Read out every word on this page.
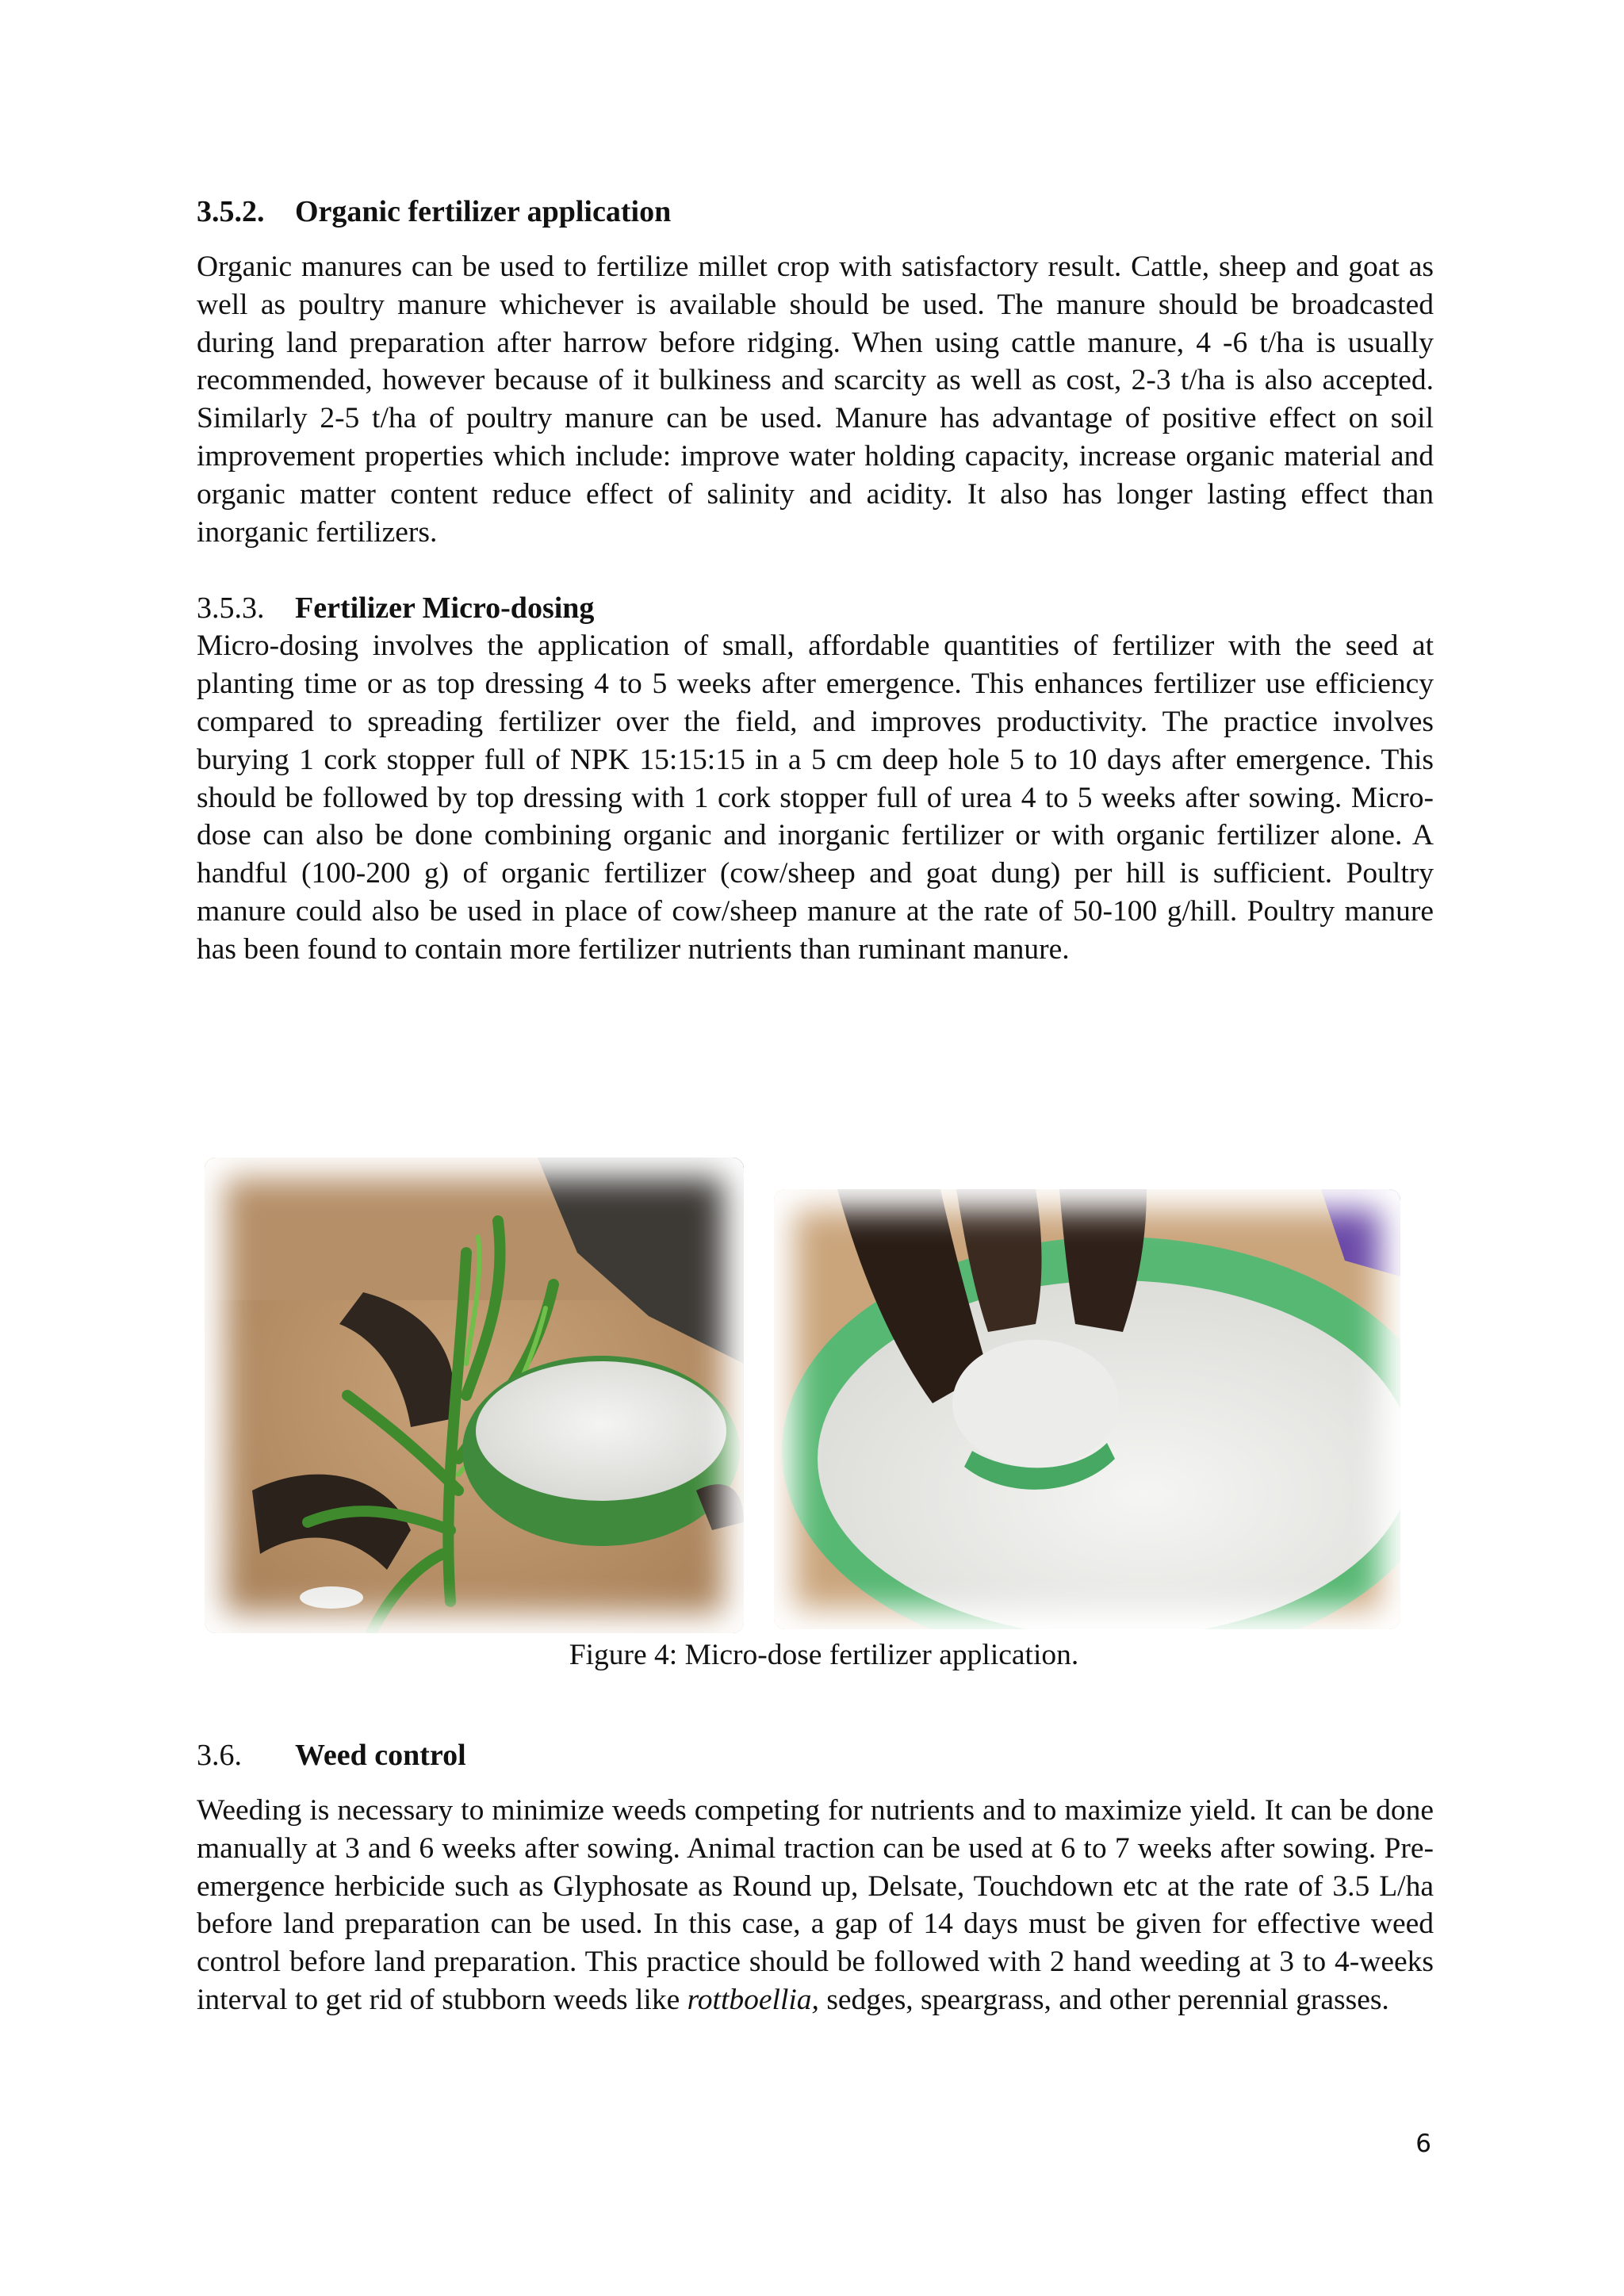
3.5.2.	Organic fertilizer application

Organic manures can be used to fertilize millet crop with satisfactory result. Cattle, sheep and goat as well as poultry manure whichever is available should be used. The manure should be broadcasted during land preparation after harrow before ridging. When using cattle manure, 4 -6 t/ha is usually recommended, however because of it bulkiness and scarcity as well as cost, 2-3 t/ha is also accepted. Similarly 2-5 t/ha of poultry manure can be used. Manure has advantage of positive effect on soil improvement properties which include: improve water holding capacity, increase organic material and organic matter content reduce effect of salinity and acidity. It also has longer lasting effect than inorganic fertilizers.

3.5.3.	Fertilizer Micro-dosing

Micro-dosing involves the application of small, affordable quantities of fertilizer with the seed at planting time or as top dressing 4 to 5 weeks after emergence. This enhances fertilizer use efficiency compared to spreading fertilizer over the field, and improves productivity. The practice involves burying 1 cork stopper full of NPK 15:15:15 in a 5 cm deep hole 5 to 10 days after emergence. This should be followed by top dressing with 1 cork stopper full of urea 4 to 5 weeks after sowing. Micro-dose can also be done combining organic and inorganic fertilizer or with organic fertilizer alone. A handful (100-200 g) of organic fertilizer (cow/sheep and goat dung) per hill is sufficient. Poultry manure could also be used in place of cow/sheep manure at the rate of 50-100 g/hill. Poultry manure has been found to contain more fertilizer nutrients than ruminant manure.

Figure 4: Micro-dose fertilizer application.
3.6.	Weed control

Weeding is necessary to minimize weeds competing for nutrients and to maximize yield. It can be done manually at 3 and 6 weeks after sowing. Animal traction can be used at 6 to 7 weeks after sowing. Pre-emergence herbicide such as Glyphosate as Round up, Delsate, Touchdown etc at the rate of 3.5 L/ha before land preparation can be used. In this case, a gap of 14 days must be given for effective weed control before land preparation. This practice should be followed with 2 hand weeding at 3 to 4-weeks interval to get rid of stubborn weeds like rottboellia, sedges, speargrass, and other perennial grasses.

6
